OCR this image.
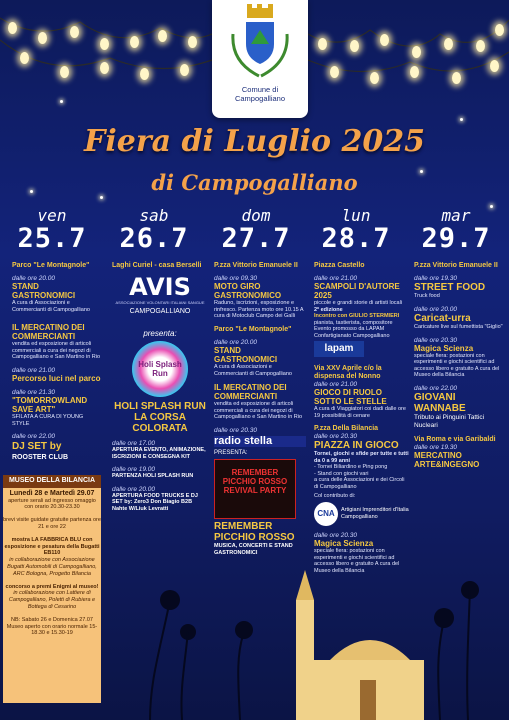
Comune di
Campogalliano
Fiera di Luglio 2025
di Campogalliano
ven
25.7
sab
26.7
dom
27.7
lun
28.7
mar
29.7
Parco "Le Montagnole"
dalle ore 20.00
STAND GASTRONOMICI
A cura di Associazioni e Commercianti di Campogalliano
IL MERCATINO DEI COMMERCIANTI
vendita ed esposizione di articoli commerciali a cura dei negozi di Campogalliano e San Martino in Rio
dalle ore 21.00
Percorso luci nel parco
dalle ore 21.30
"TOMORROWLAND SAVE ART"
SFILATA A CURA DI YOUNG STYLE
dalle ore 22.00
DJ SET by
ROOSTER CLUB
MUSEO DELLA BILANCIA
Lunedì 28 e Martedì 29.07
aperture serali ad ingresso omaggio con orario 20.30-23.30
brevi visite guidate gratuite partenza ore 21 e ore 22
mostra LA FABBRICA BLU con esposizione e pesatura della Bugatti EB110
in collaborazione con Associazione Bugatti Automobili di Campogalliano, ARC Bologna, Progetto Bilancia
concorso a premi Enigmi al museo!
in collaborazione con Lattiere di Campogalliano, Poletti di Rubiera e Bottega di Cesarino
NB: Sabato 26 e Domenica 27.07 Museo aperto con orario normale 15-18.30 e 15.30-19
Laghi Curiel - casa Berselli
AVIS
ASSOCIAZIONE VOLONTARI ITALIANI SANGUE
CAMPOGALLIANO
presenta:
Holi Splash Run
HOLI SPLASH RUN
LA CORSA COLORATA
dalle ore 17.00
APERTURA EVENTO, ANIMAZIONE, ISCRIZIONI E CONSEGNA KIT
dalle ore 19.00
PARTENZA HOLI SPLASH RUN
dalle ore 20.00
APERTURA FOOD TRUCKS E DJ SET by: Zero3 Don Biagio B2B Nahte W/Liuk Levratti
P.zza Vittorio Emanuele II
dalle ore 09.30
MOTO GIRO GASTRONOMICO
Raduno, iscrizioni, esposizione e rinfresco. Partenza moto ore 10.15 A cura di Motoclub Campo dei Galli
Parco "Le Montagnole"
dalle ore 20.00
STAND GASTRONOMICI
A cura di Associazioni e Commercianti di Campogalliano
IL MERCATINO DEI COMMERCIANTI
vendita ed esposizione di articoli commerciali a cura dei negozi di Campogalliano e San Martino in Rio
dalle ore 20.30
radio stella
PRESENTA:
REMEMBER PICCHIO ROSSO REVIVAL PARTY
REMEMBER PICCHIO ROSSO
MUSICA, CONCERTI E STAND GASTRONOMICI
Piazza Castello
dalle ore 21.00
SCAMPOLI D'AUTORE 2025
piccole e grandi storie di artisti locali
2ª edizione
Incontro con GIULIO STERMIERI
pianista, tastierista, compositore
Evento promosso da LAPAM Confartigianato Campogalliano
lapam
Via XXV Aprile c/o la dispensa del Nonno
dalle ore 21.00
GIOCO DI RUOLO SOTTO LE STELLE
A cura di Viaggiatori coi dadi dalle ore 19 possibilità di cenare
P.zza Della Bilancia
dalle ore 20.30
PIAZZA IN GIOCO
Tornei, giochi e sfide per tutte e tutti da 0 a 99 anni
- Tornei Biliardino e Ping pong
- Stand con giochi vari
a cura delle Associazioni e dei Circoli di Campogalliano
Col contributo di:
CNA	Artigiani Imprenditori d'Italia
Campogalliano
dalle ore 20.30
Magica Scienza
speciale fiera: postazioni con esperimenti e giochi scientifici ad accesso libero e gratuito A cura del Museo della Bilancia
P.zza Vittorio Emanuele II
dalle ore 19.30
STREET FOOD
Truck food
dalle ore 20.00
Caricat-urra
Caricature live sul fumettista "Giglio"
dalle ore 20.30
Magica Scienza
speciale fiera: postazioni con esperimenti e giochi scientifici ad accesso libero e gratuito A cura del Museo della Bilancia
dalle ore 22.00
GIOVANI WANNABE
Tributo ai Pinguini Tattici Nucleari
Via Roma e via Garibaldi
dalle ore 19.30
MERCATINO ARTE&INGEGNO
